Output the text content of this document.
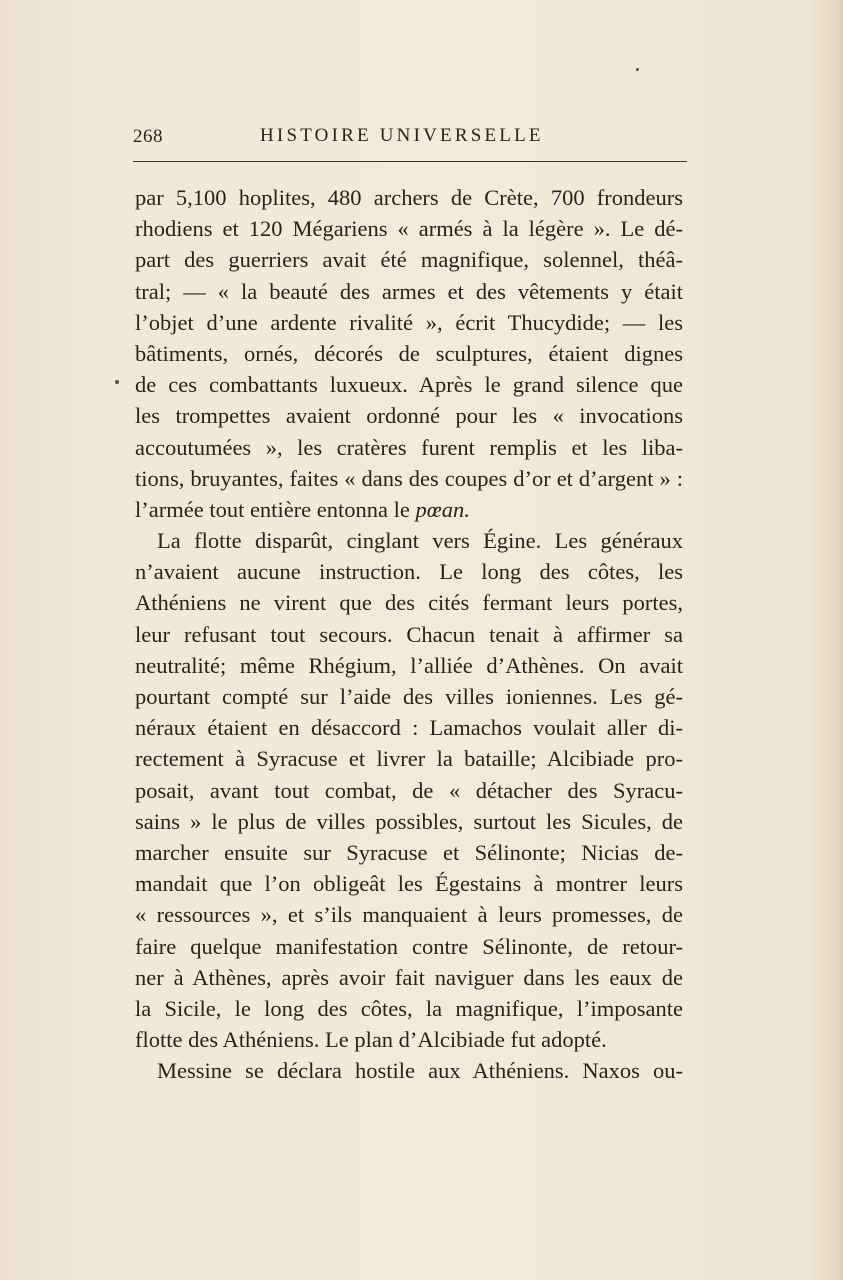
268	HISTOIRE UNIVERSELLE
par 5,100 hoplites, 480 archers de Crète, 700 frondeurs
rhodiens et 120 Mégariens « armés à la légère ». Le dé-
part des guerriers avait été magnifique, solennel, théâ-
tral; — « la beauté des armes et des vêtements y était
l’objet d’une ardente rivalité », écrit Thucydide; — les
bâtiments, ornés, décorés de sculptures, étaient dignes
de ces combattants luxueux. Après le grand silence que
les trompettes avaient ordonné pour les « invocations
accoutumées », les cratères furent remplis et les liba-
tions, bruyantes, faites « dans des coupes d’or et d’argent » :
l’armée tout entière entonna le pœan.
La flotte disparût, cinglant vers Égine. Les généraux
n’avaient aucune instruction. Le long des côtes, les
Athéniens ne virent que des cités fermant leurs portes,
leur refusant tout secours. Chacun tenait à affirmer sa
neutralité; même Rhégium, l’alliée d’Athènes. On avait
pourtant compté sur l’aide des villes ioniennes. Les gé-
néraux étaient en désaccord : Lamachos voulait aller di-
rectement à Syracuse et livrer la bataille; Alcibiade pro-
posait, avant tout combat, de « détacher des Syracu-
sains » le plus de villes possibles, surtout les Sicules, de
marcher ensuite sur Syracuse et Sélinonte; Nicias de-
mandait que l’on obligeât les Égestains à montrer leurs
« ressources », et s’ils manquaient à leurs promesses, de
faire quelque manifestation contre Sélinonte, de retour-
ner à Athènes, après avoir fait naviguer dans les eaux de
la Sicile, le long des côtes, la magnifique, l’imposante
flotte des Athéniens. Le plan d’Alcibiade fut adopté.
Messine se déclara hostile aux Athéniens. Naxos ou-
